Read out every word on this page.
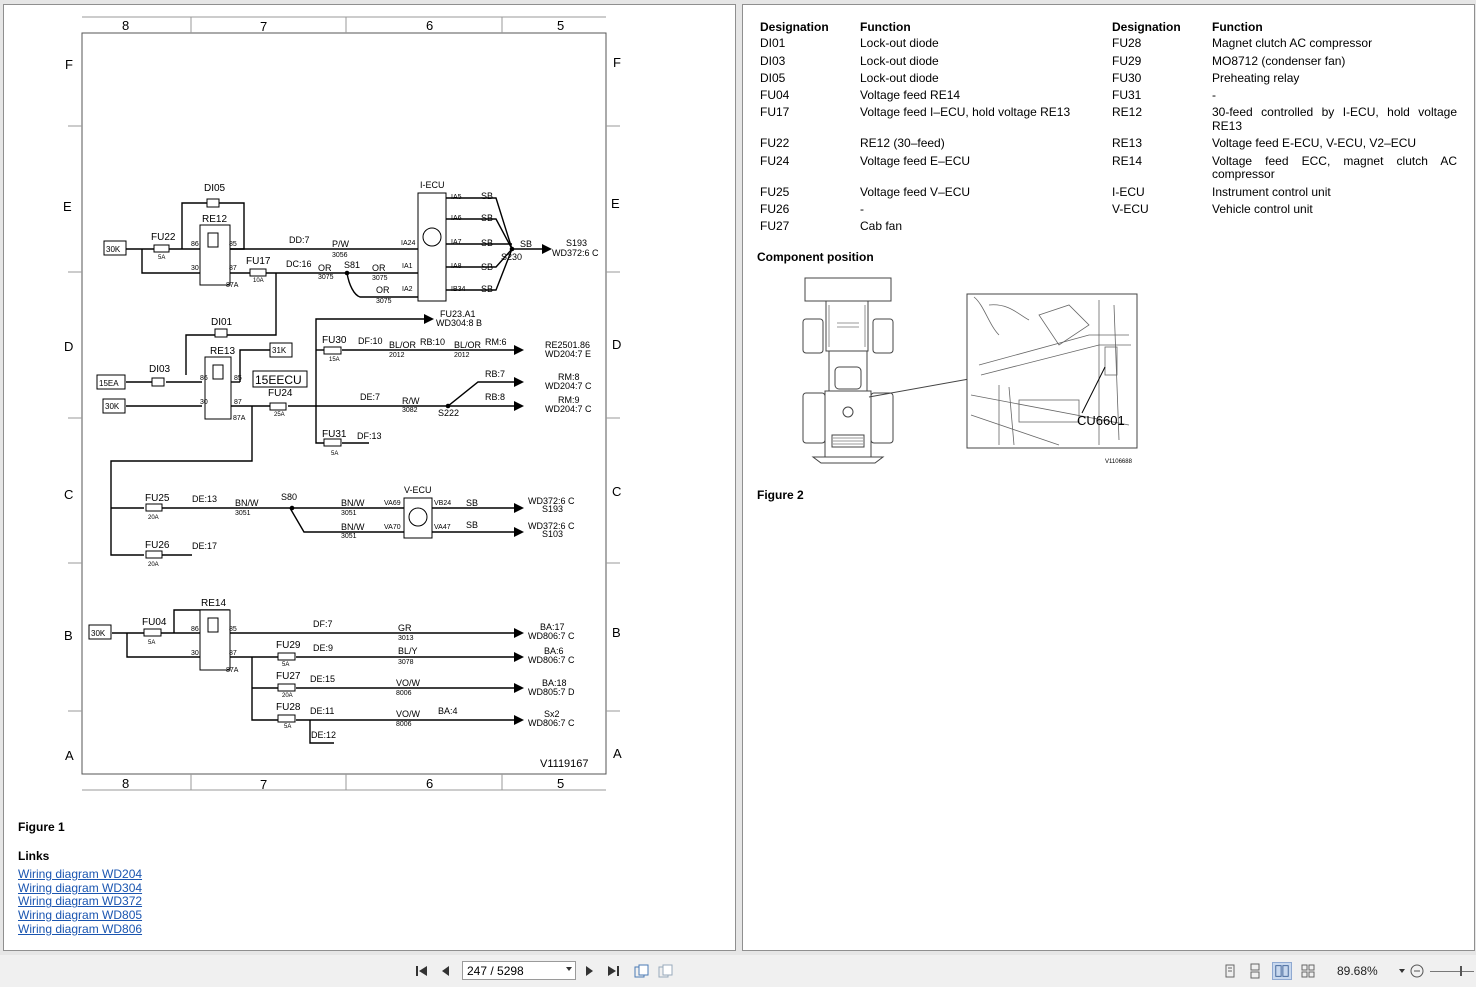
8	7	6	5
8	7	6	5
F
E
D
C
B
A
F
E
D
C
B
A
V1119167
30K
FU22
5A
DI05
RE12
86	85
30	87
87A
FU17
10A
DD:7 P/W
3056
DC:16 OR
3075
S81 OR
3075
OR
3075
I-ECU
IA5
IA6
IA7
IA8
IB34
IA24
IA1
IA2
SB
SB
SB
SB
SB
SB
S230
S193
WD372:6 C
DI01
31K
RE13
15EECU
15EA
30K
DI03
86	85
30	87
87A
FU24
25A
FU23.A1
WD304:8 B
FU30
15A
DF:10 BL/OR
2012
RB:10 BL/OR
2012
RM:6	RE2501.86
WD204:7 E
DE:7 R/W
3082 S222
RB:7
RB:8
RM:8
WD204:7 C
RM:9
WD204:7 C
FU31
5A
DF:13
FU25
20A
DE:13 BN/W
3051
S80
BN/W
3051
BN/W
3051
V-ECU
VA69
VA70
VB24
VA47
SB
SB
WD372:6 C
S193
WD372:6 C
S103
FU26
20A
DE:17
30K
FU04
5A
RE14
86	85
30	87
87A
DF:7	GR
3013
BA:17
WD806:7 C
FU29
5A
DE:9	BL/Y
3078
BA:6
WD806:7 C
FU27
20A
DE:15	VO/W
8006
BA:18
WD805:7 D
FU28
5A
DE:11	VO/W
8006
BA:4	Sx2
WD806:7 C
DE:12
Figure 1
Links
Wiring diagram WD204
Wiring diagram WD304
Wiring diagram WD372
Wiring diagram WD805
Wiring diagram WD806
Designation	Function
DI01	Lock-out diode
DI03	Lock-out diode
DI05	Lock-out diode
FU04	Voltage feed RE14
FU17	Voltage feed I–ECU, hold voltage RE13
FU22	RE12 (30–feed)
FU24	Voltage feed E–ECU
FU25	Voltage feed V–ECU
FU26	-
FU27	Cab fan
Designation	Function
FU28	Magnet clutch AC compressor
FU29	MO8712 (condenser fan)
FU30	Preheating relay
FU31	-
RE12	30-feed controlled by I-ECU, hold voltage RE13
RE13	Voltage feed E-ECU, V-ECU, V2–ECU
RE14	Voltage feed ECC, magnet clutch AC compressor
I-ECU	Instrument control unit
V-ECU	Vehicle control unit
Component position
CU6601
V1106688
Figure 2
247 / 5298	89.68%
